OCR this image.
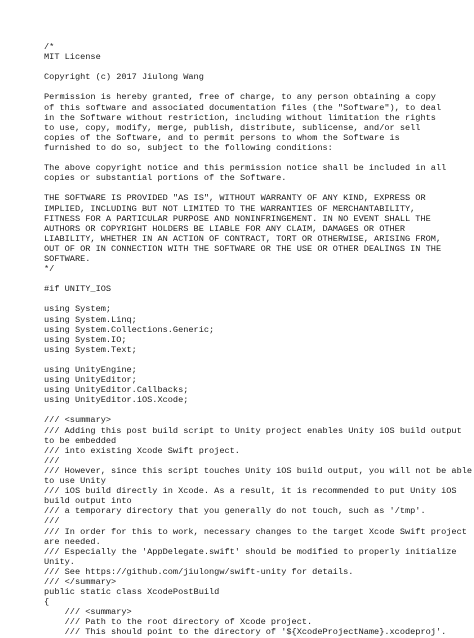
/*
MIT License
Copyright (c) 2017 Jiulong Wang
Permission is hereby granted, free of charge, to any person obtaining a copy
of this software and associated documentation files (the "Software"), to deal
in the Software without restriction, including without limitation the rights
to use, copy, modify, merge, publish, distribute, sublicense, and/or sell
copies of the Software, and to permit persons to whom the Software is
furnished to do so, subject to the following conditions:
The above copyright notice and this permission notice shall be included in all
copies or substantial portions of the Software.
THE SOFTWARE IS PROVIDED "AS IS", WITHOUT WARRANTY OF ANY KIND, EXPRESS OR
IMPLIED, INCLUDING BUT NOT LIMITED TO THE WARRANTIES OF MERCHANTABILITY,
FITNESS FOR A PARTICULAR PURPOSE AND NONINFRINGEMENT. IN NO EVENT SHALL THE
AUTHORS OR COPYRIGHT HOLDERS BE LIABLE FOR ANY CLAIM, DAMAGES OR OTHER
LIABILITY, WHETHER IN AN ACTION OF CONTRACT, TORT OR OTHERWISE, ARISING FROM,
OUT OF OR IN CONNECTION WITH THE SOFTWARE OR THE USE OR OTHER DEALINGS IN THE
SOFTWARE.
*/
#if UNITY_IOS
using System;
using System.Linq;
using System.Collections.Generic;
using System.IO;
using System.Text;
using UnityEngine;
using UnityEditor;
using UnityEditor.Callbacks;
using UnityEditor.iOS.Xcode;
/// <summary>
/// Adding this post build script to Unity project enables Unity iOS build output
to be embedded
/// into existing Xcode Swift project.
///
/// However, since this script touches Unity iOS build output, you will not be able
to use Unity
/// iOS build directly in Xcode. As a result, it is recommended to put Unity iOS
build output into
/// a temporary directory that you generally do not touch, such as '/tmp'.
///
/// In order for this to work, necessary changes to the target Xcode Swift project
are needed.
/// Especially the 'AppDelegate.swift' should be modified to properly initialize
Unity.
/// See https://github.com/jiulongw/swift-unity for details.
/// </summary>
public static class XcodePostBuild
{
/// <summary>
/// Path to the root directory of Xcode project.
/// This should point to the directory of '${XcodeProjectName}.xcodeproj'.
